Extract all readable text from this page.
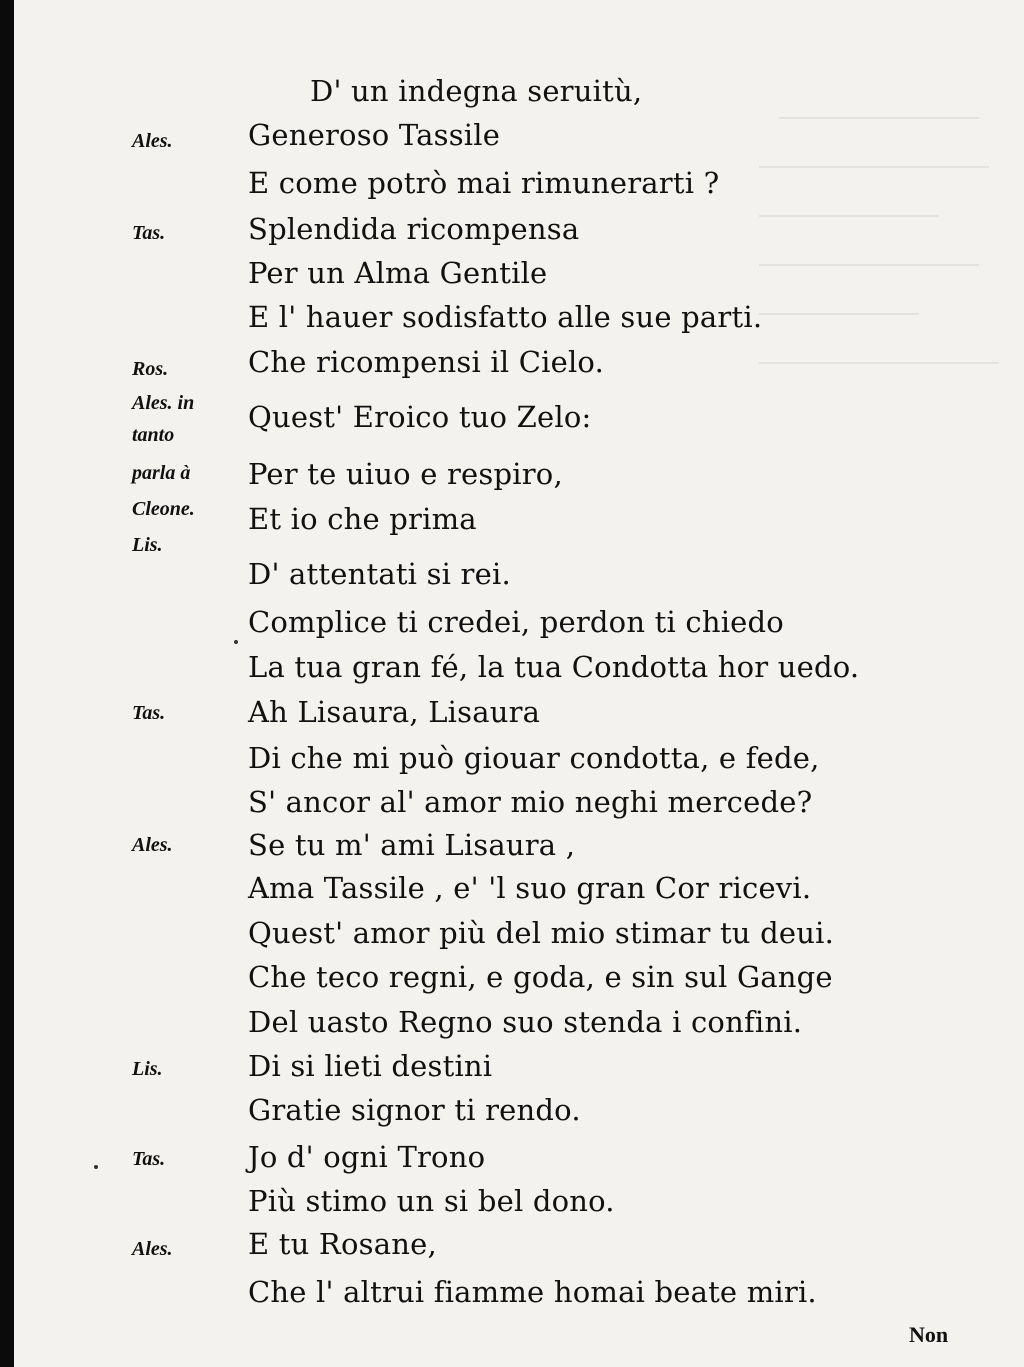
D' un indegna seruitù,
Generoso Tassile
E come potrò mai rimunerarti ?
Splendida ricompensa
Per un Alma Gentile
E l' hauer sodisfatto alle sue parti.
Che ricompensi il Cielo.
Quest' Eroico tuo Zelo:
Per te uiuo e respiro,
Et io che prima
D' attentati si rei.
Complice ti credei, perdon ti chiedo
La tua gran fé, la tua Condotta hor uedo.
Ah Lisaura, Lisaura
Di che mi può giouar condotta, e fede,
S' ancor al' amor mio neghi mercede?
Se tu m' ami Lisaura ,
Ama Tassile , e' 'l suo gran Cor ricevi.
Quest' amor più del mio stimar tu deui.
Che teco regni, e goda, e sin sul Gange
Del uasto Regno suo stenda i confini.
Di si lieti destini
Gratie signor ti rendo.
Jo d' ogni Trono
Più stimo un si bel dono.
E tu Rosane,
Che l' altrui fiamme homai beate miri.
Ales.
Tas.
Ros.
Ales. in
tanto
parla à
Cleone.
Lis.
Tas.
Ales.
Lis.
Tas.
Ales.
Non
